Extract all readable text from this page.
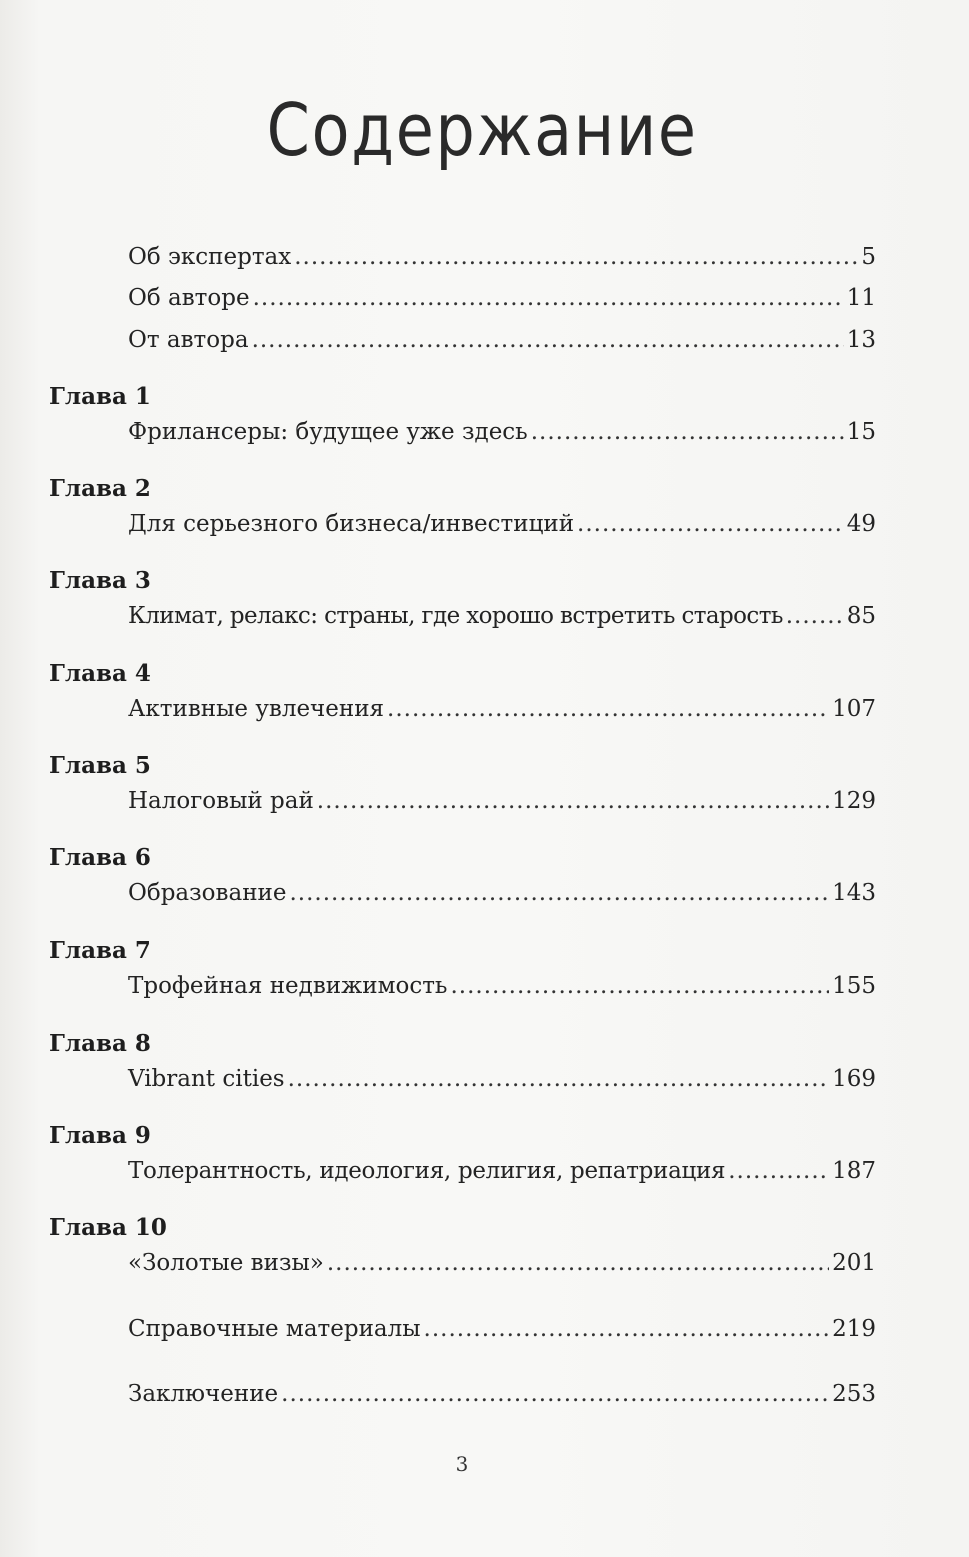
Содержание
Об экспертах .....	5
Об авторе .....	11
От автора .....	13
Глава 1
Фрилансеры: будущее уже здесь .....	15
Глава 2
Для серьезного бизнеса/инвестиций .....	49
Глава 3
Климат, релакс: страны, где хорошо встретить старость .....	85
Глава 4
Активные увлечения .....	107
Глава 5
Налоговый рай .....	129
Глава 6
Образование .....	143
Глава 7
Трофейная недвижимость .....	155
Глава 8
Vibrant cities .....	169
Глава 9
Толерантность, идеология, религия, репатриация .....	187
Глава 10
«Золотые визы» .....	201
Справочные материалы .....	219
Заключение .....	253
3
